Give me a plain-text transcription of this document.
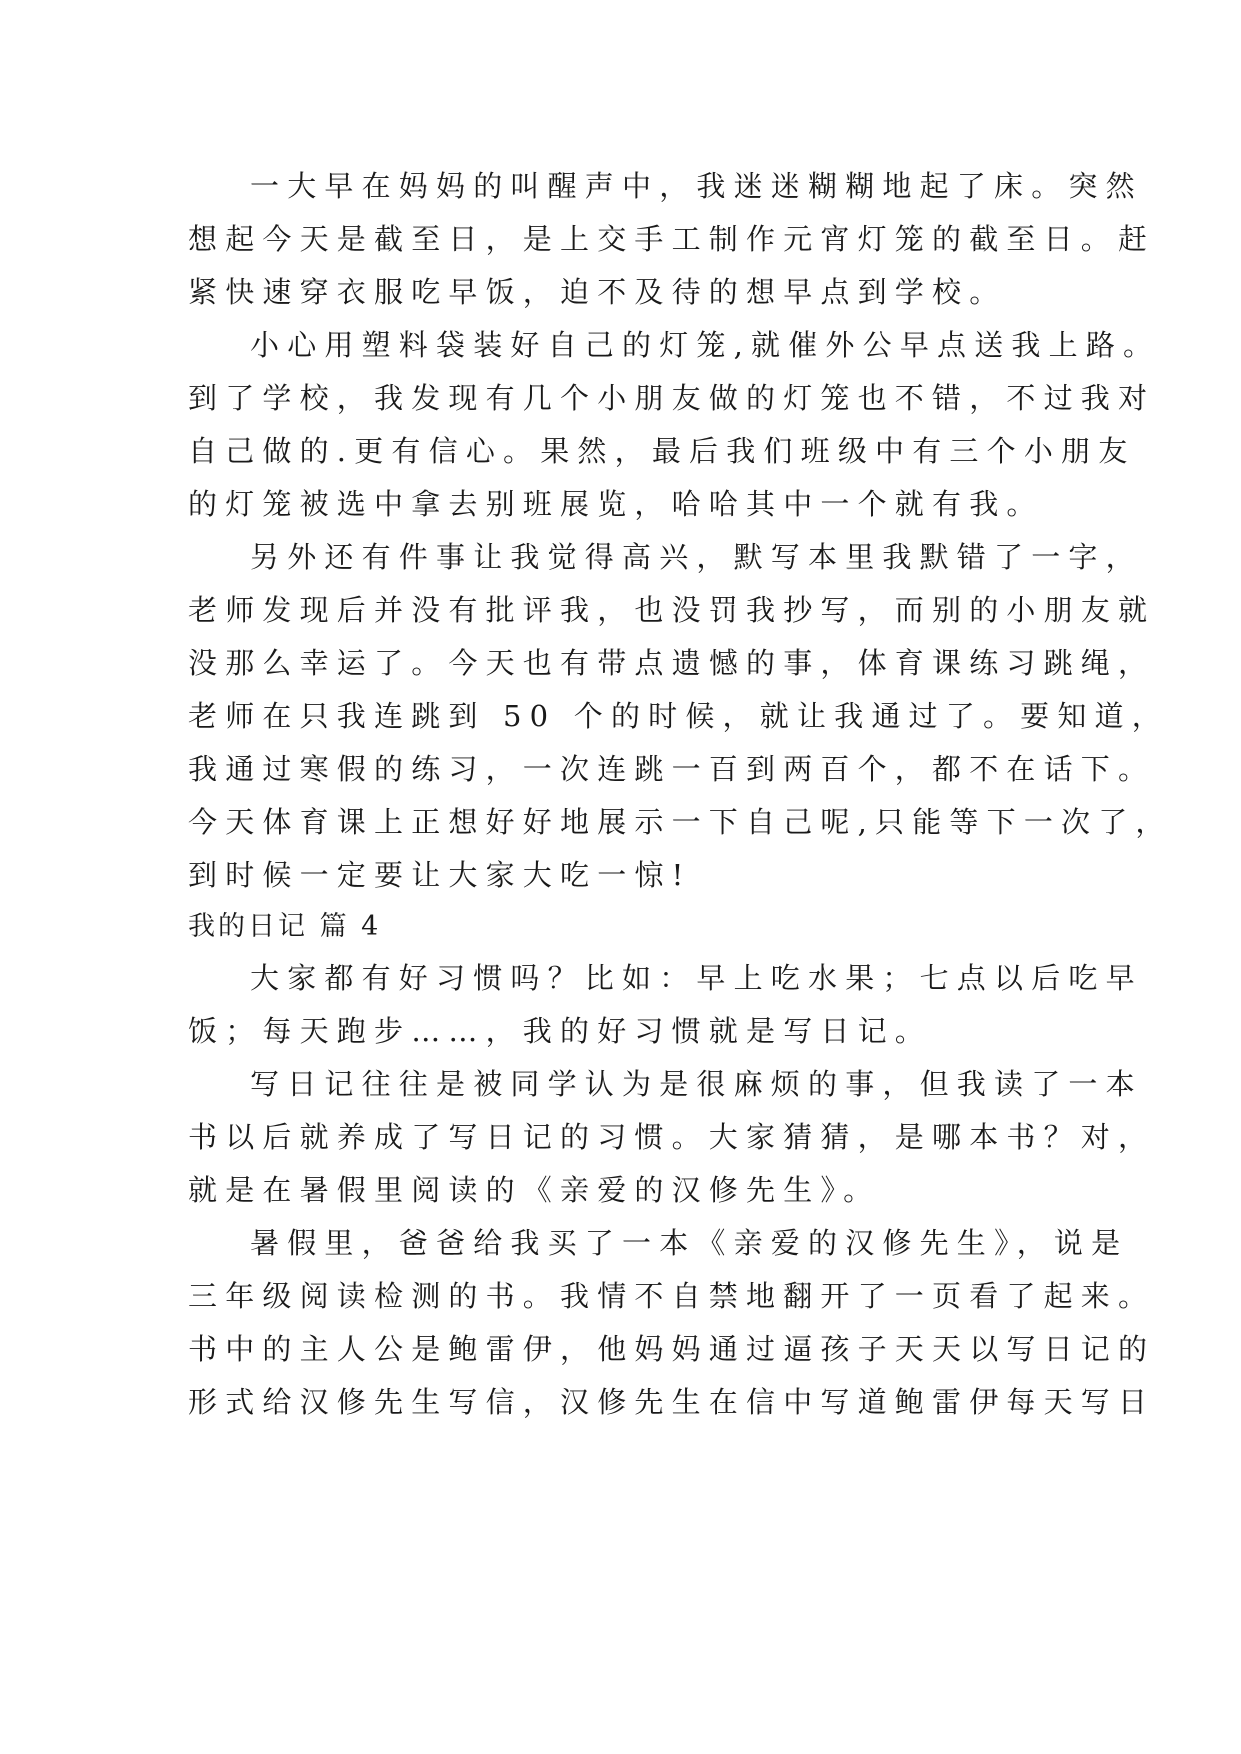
一大早在妈妈的叫醒声中，我迷迷糊糊地起了床。突然
想起今天是截至日，是上交手工制作元宵灯笼的截至日。赶
紧快速穿衣服吃早饭，迫不及待的想早点到学校。
小心用塑料袋装好自己的灯笼,就催外公早点送我上路。
到了学校，我发现有几个小朋友做的灯笼也不错，不过我对
自己做的.更有信心。果然，最后我们班级中有三个小朋友
的灯笼被选中拿去别班展览，哈哈其中一个就有我。
另外还有件事让我觉得高兴，默写本里我默错了一字，
老师发现后并没有批评我，也没罚我抄写，而别的小朋友就
没那么幸运了。今天也有带点遗憾的事，体育课练习跳绳，
老师在只我连跳到 50 个的时候，就让我通过了。要知道，
我通过寒假的练习，一次连跳一百到两百个，都不在话下。
今天体育课上正想好好地展示一下自己呢,只能等下一次了，
到时候一定要让大家大吃一惊!
我的日记 篇 4
大家都有好习惯吗？比如：早上吃水果；七点以后吃早
饭；每天跑步……，我的好习惯就是写日记。
写日记往往是被同学认为是很麻烦的事，但我读了一本
书以后就养成了写日记的习惯。大家猜猜，是哪本书？对，
就是在暑假里阅读的《亲爱的汉修先生》。
暑假里，爸爸给我买了一本《亲爱的汉修先生》，说是
三年级阅读检测的书。我情不自禁地翻开了一页看了起来。
书中的主人公是鲍雷伊，他妈妈通过逼孩子天天以写日记的
形式给汉修先生写信，汉修先生在信中写道鲍雷伊每天写日
